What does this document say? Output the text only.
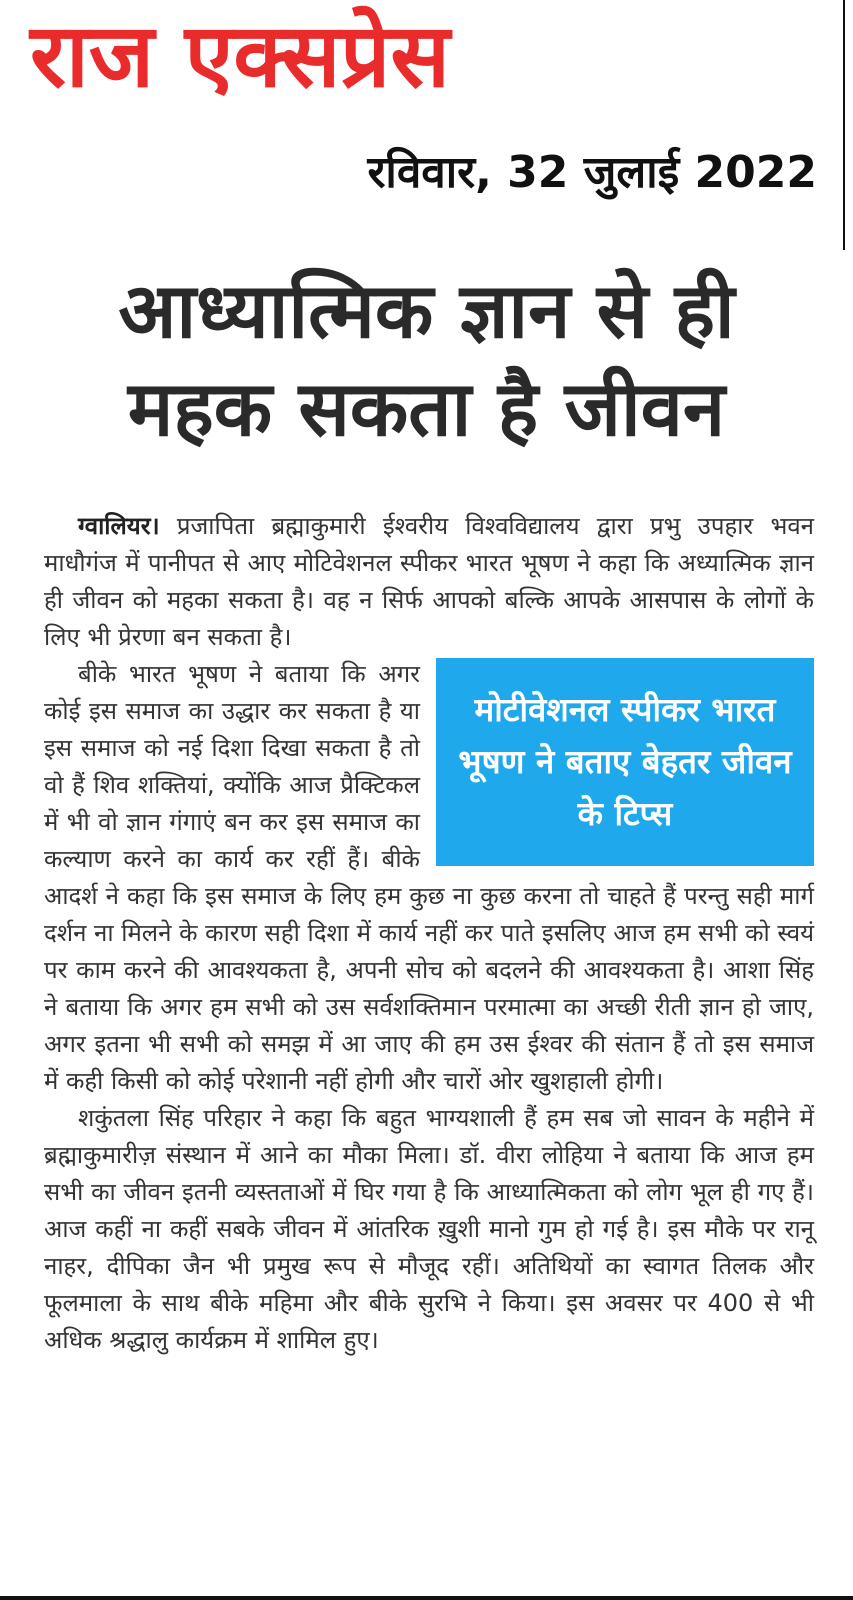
राज एक्सप्रेस
रविवार, 32 जुलाई 2022
आध्यात्मिक ज्ञान से ही
महक सकता है जीवन

ग्वालियर। प्रजापिता ब्रह्माकुमारी ईश्वरीय विश्वविद्यालय द्वारा प्रभु उपहार भवन माधौगंज में पानीपत से आए मोटिवेशनल स्पीकर भारत भूषण ने कहा कि अध्यात्मिक ज्ञान ही जीवन को महका सकता है। वह न सिर्फ आपको बल्कि आपके आसपास के लोगों के लिए भी प्रेरणा बन सकता है।

मोटीवेशनल स्पीकर भारत भूषण ने बताए बेहतर जीवन के टिप्स

बीके भारत भूषण ने बताया कि अगर कोई इस समाज का उद्धार कर सकता है या इस समाज को नई दिशा दिखा सकता है तो वो हैं शिव शक्तियां, क्योंकि आज प्रैक्टिकल में भी वो ज्ञान गंगाएं बन कर इस समाज का कल्याण करने का कार्य कर रहीं हैं। बीके आदर्श ने कहा कि इस समाज के लिए हम कुछ ना कुछ करना तो चाहते हैं परन्तु सही मार्ग दर्शन ना मिलने के कारण सही दिशा में कार्य नहीं कर पाते इसलिए आज हम सभी को स्वयं पर काम करने की आवश्यकता है, अपनी सोच को बदलने की आवश्यकता है। आशा सिंह ने बताया कि अगर हम सभी को उस सर्वशक्तिमान परमात्मा का अच्छी रीती ज्ञान हो जाए, अगर इतना भी सभी को समझ में आ जाए की हम उस ईश्वर की संतान हैं तो इस समाज में कही किसी को कोई परेशानी नहीं होगी और चारों ओर खुशहाली होगी।

शकुंतला सिंह परिहार ने कहा कि बहुत भाग्यशाली हैं हम सब जो सावन के महीने में ब्रह्माकुमारीज़ संस्थान में आने का मौका मिला। डॉ. वीरा लोहिया ने बताया कि आज हम सभी का जीवन इतनी व्यस्तताओं में घिर गया है कि आध्यात्मिकता को लोग भूल ही गए हैं। आज कहीं ना कहीं सबके जीवन में आंतरिक ख़ुशी मानो गुम हो गई है। इस मौके पर रानू नाहर, दीपिका जैन भी प्रमुख रूप से मौजूद रहीं। अतिथियों का स्वागत तिलक और फूलमाला के साथ बीके महिमा और बीके सुरभि ने किया। इस अवसर पर 400 से भी अधिक श्रद्धालु कार्यक्रम में शामिल हुए।
